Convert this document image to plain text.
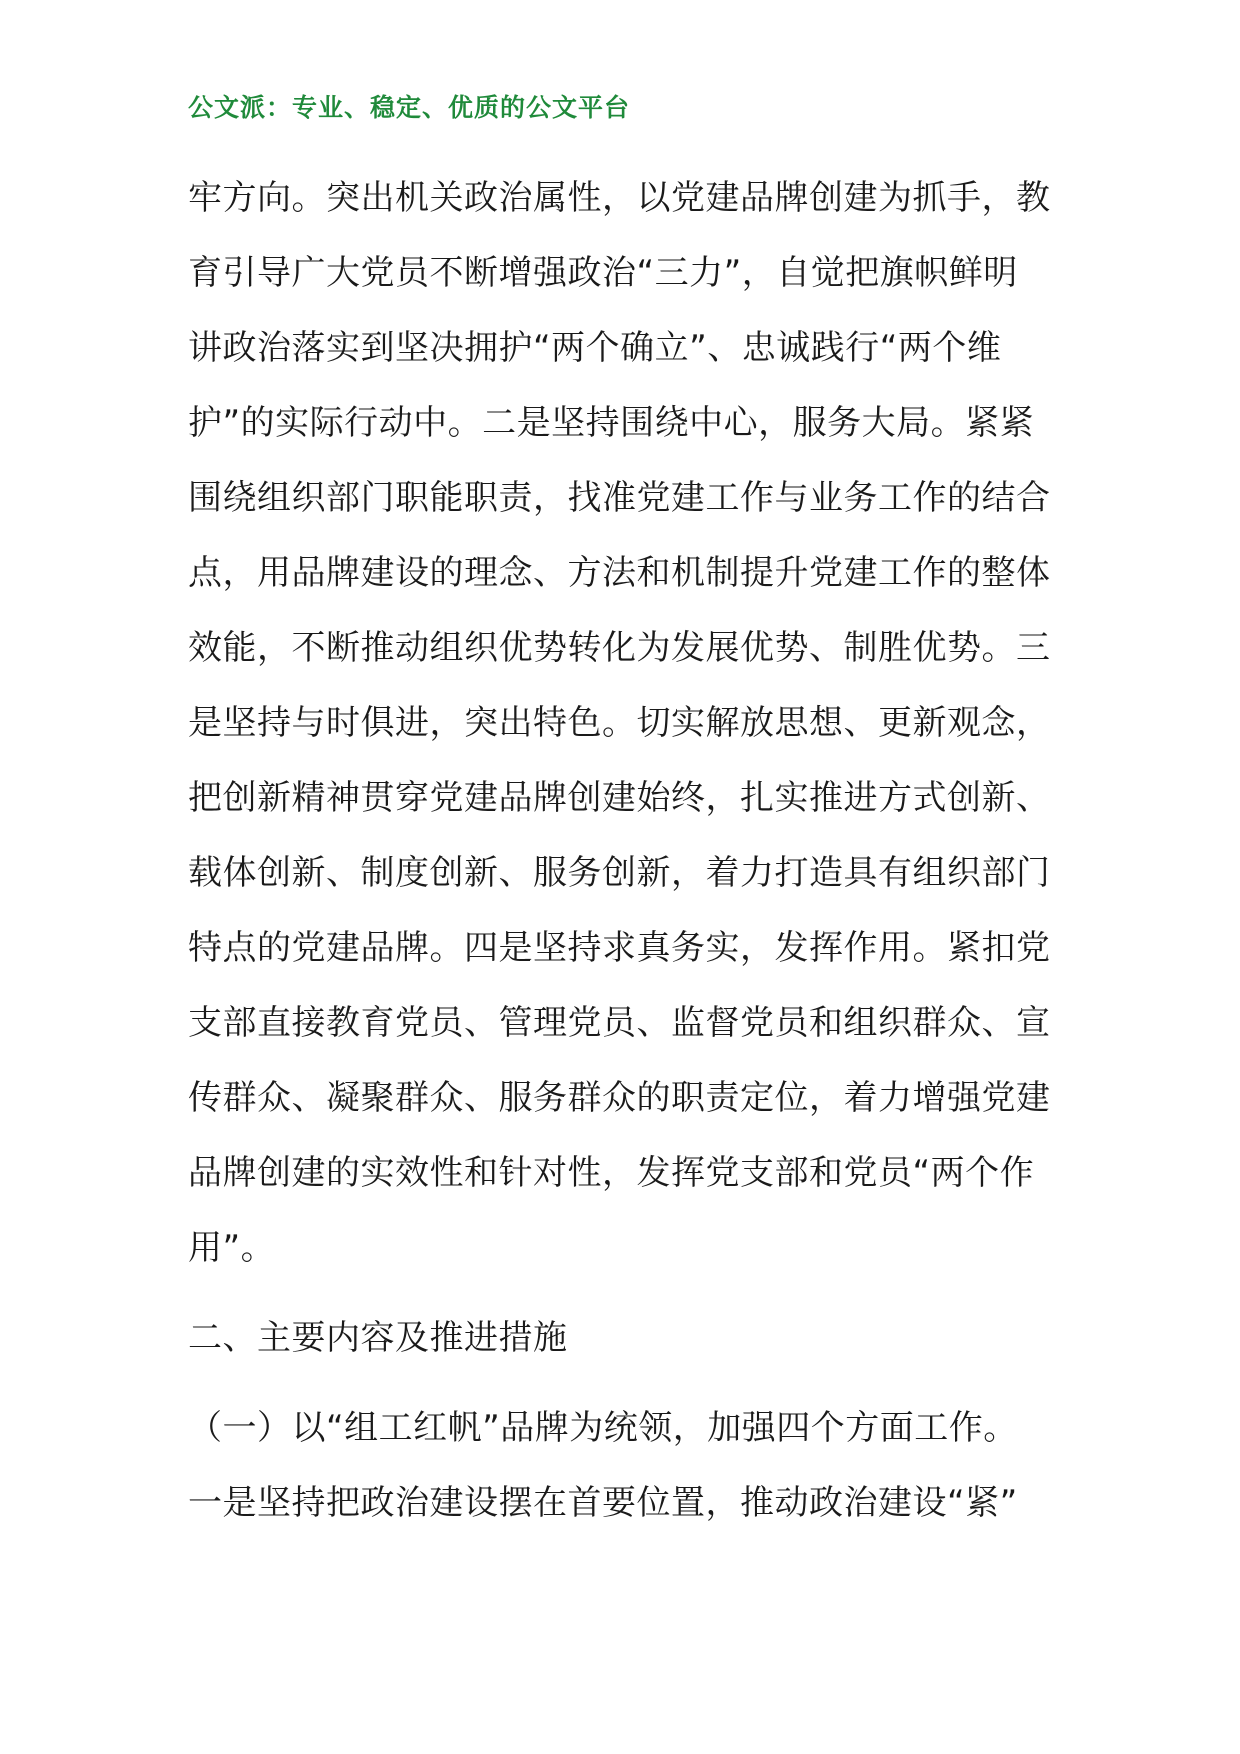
公文派：专业、稳定、优质的公文平台
牢方向。突出机关政治属性，以党建品牌创建为抓手，教
育引导广大党员不断增强政治“三力”，自觉把旗帜鲜明
讲政治落实到坚决拥护“两个确立”、忠诚践行“两个维
护”的实际行动中。二是坚持围绕中心，服务大局。紧紧
围绕组织部门职能职责，找准党建工作与业务工作的结合
点，用品牌建设的理念、方法和机制提升党建工作的整体
效能，不断推动组织优势转化为发展优势、制胜优势。三
是坚持与时俱进，突出特色。切实解放思想、更新观念，
把创新精神贯穿党建品牌创建始终，扎实推进方式创新、
载体创新、制度创新、服务创新，着力打造具有组织部门
特点的党建品牌。四是坚持求真务实，发挥作用。紧扣党
支部直接教育党员、管理党员、监督党员和组织群众、宣
传群众、凝聚群众、服务群众的职责定位，着力增强党建
品牌创建的实效性和针对性，发挥党支部和党员“两个作
用”。
二、主要内容及推进措施
（一）以“组工红帆”品牌为统领，加强四个方面工作。
一是坚持把政治建设摆在首要位置，推动政治建设“紧”
